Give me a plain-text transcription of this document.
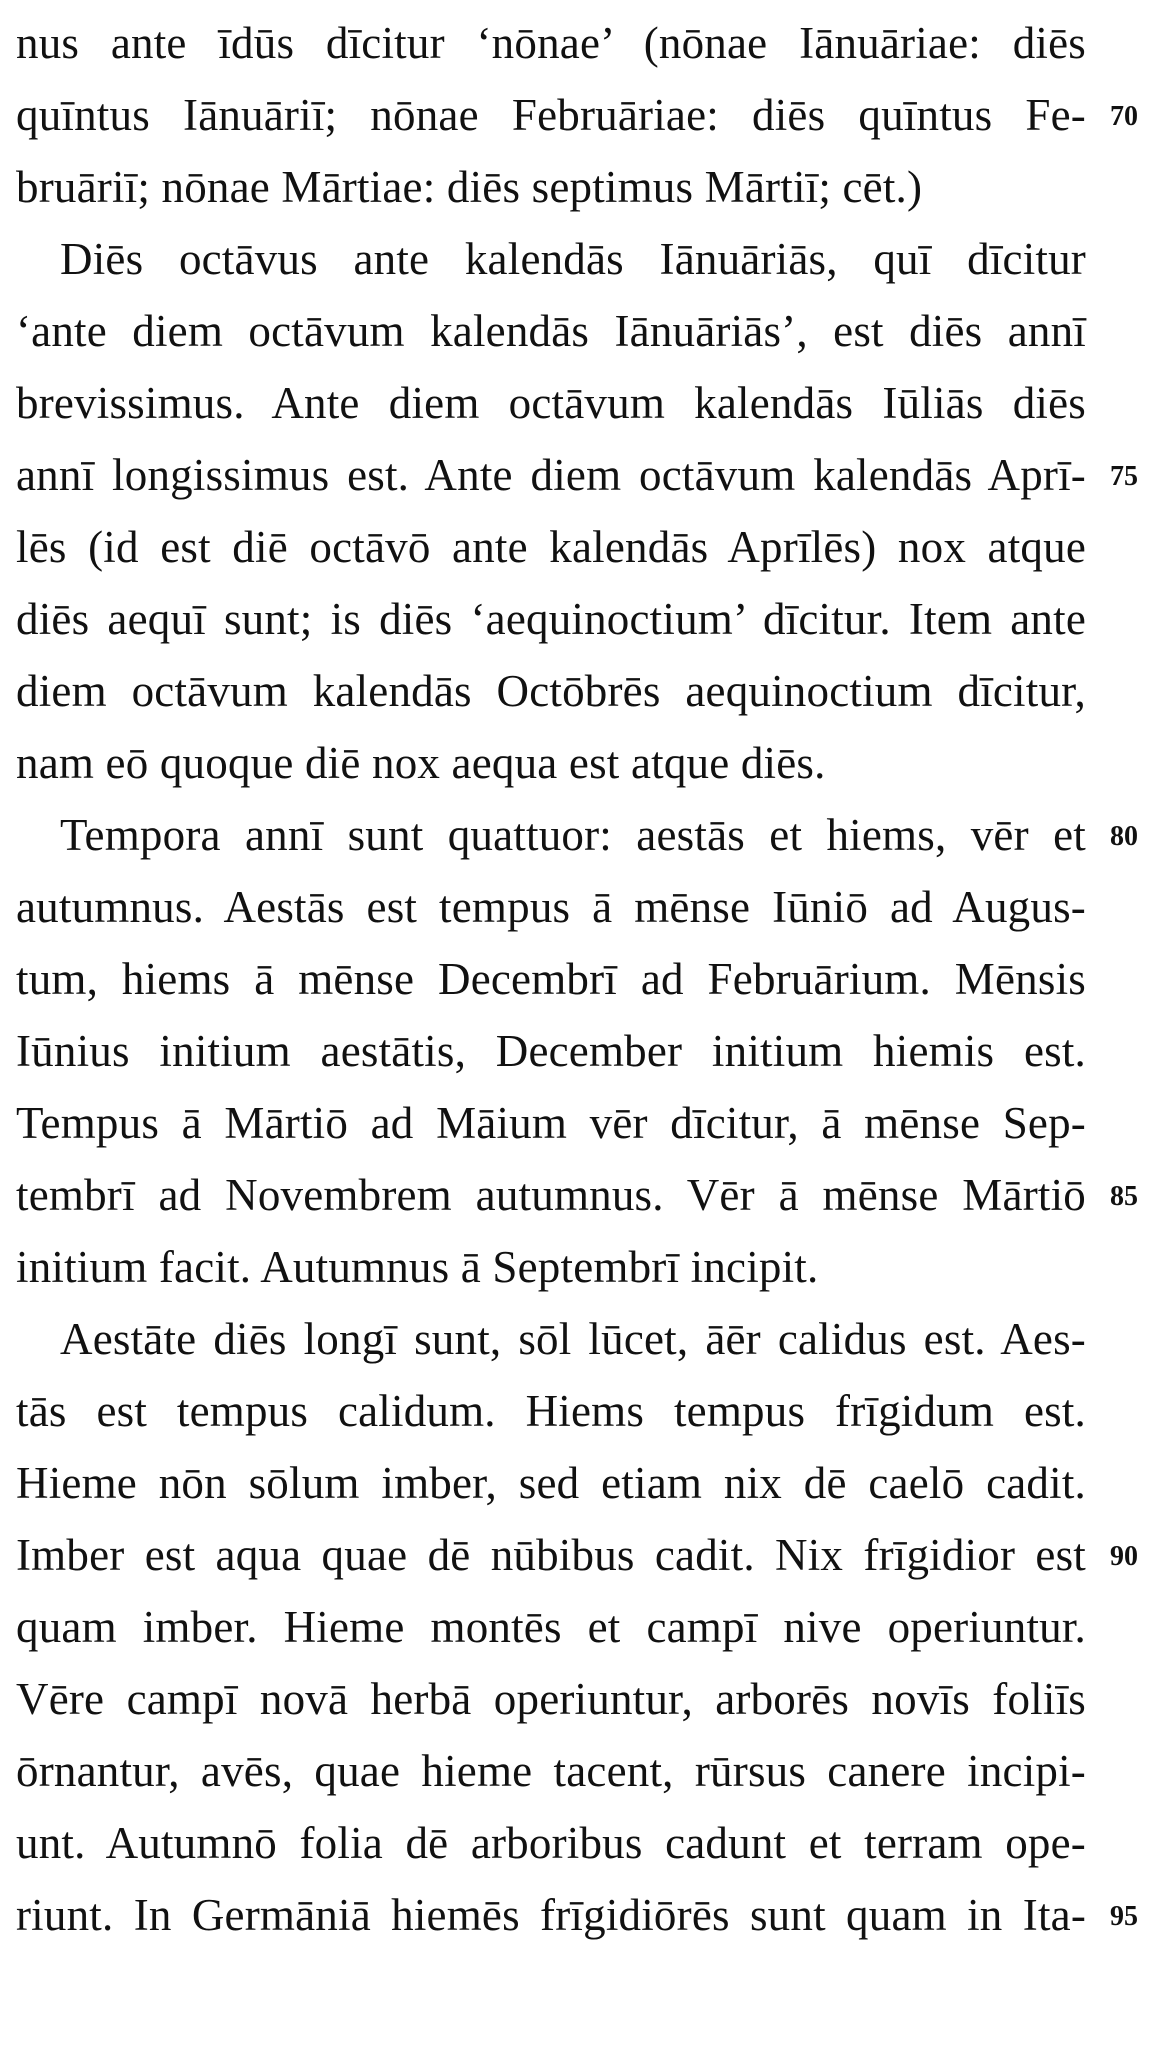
nus ante īdūs dīcitur ‘nōnae’ (nōnae Iānuāriae: diēs
quīntus Iānuāriī; nōnae Februāriae: diēs quīntus Fe-
bruāriī; nōnae Mārtiae: diēs septimus Mārtiī; cēt.)
Diēs octāvus ante kalendās Iānuāriās, quī dīcitur
‘ante diem octāvum kalendās Iānuāriās’, est diēs annī
brevissimus. Ante diem octāvum kalendās Iūliās diēs
annī longissimus est. Ante diem octāvum kalendās Aprī-
lēs (id est diē octāvō ante kalendās Aprīlēs) nox atque
diēs aequī sunt; is diēs ‘aequinoctium’ dīcitur. Item ante
diem octāvum kalendās Octōbrēs aequinoctium dīcitur,
nam eō quoque diē nox aequa est atque diēs.
Tempora annī sunt quattuor: aestās et hiems, vēr et
autumnus. Aestās est tempus ā mēnse Iūniō ad Augus-
tum, hiems ā mēnse Decembrī ad Februārium. Mēnsis
Iūnius initium aestātis, December initium hiemis est.
Tempus ā Mārtiō ad Māium vēr dīcitur, ā mēnse Sep-
tembrī ad Novembrem autumnus. Vēr ā mēnse Mārtiō
initium facit. Autumnus ā Septembrī incipit.
Aestāte diēs longī sunt, sōl lūcet, āēr calidus est. Aes-
tās est tempus calidum. Hiems tempus frīgidum est.
Hieme nōn sōlum imber, sed etiam nix dē caelō cadit.
Imber est aqua quae dē nūbibus cadit. Nix frīgidior est
quam imber. Hieme montēs et campī nive operiuntur.
Vēre campī novā herbā operiuntur, arborēs novīs foliīs
ōrnantur, avēs, quae hieme tacent, rūrsus canere incipi-
unt. Autumnō folia dē arboribus cadunt et terram ope-
riunt. In Germāniā hiemēs frīgidiōrēs sunt quam in Ita-
70
75
80
85
90
95
